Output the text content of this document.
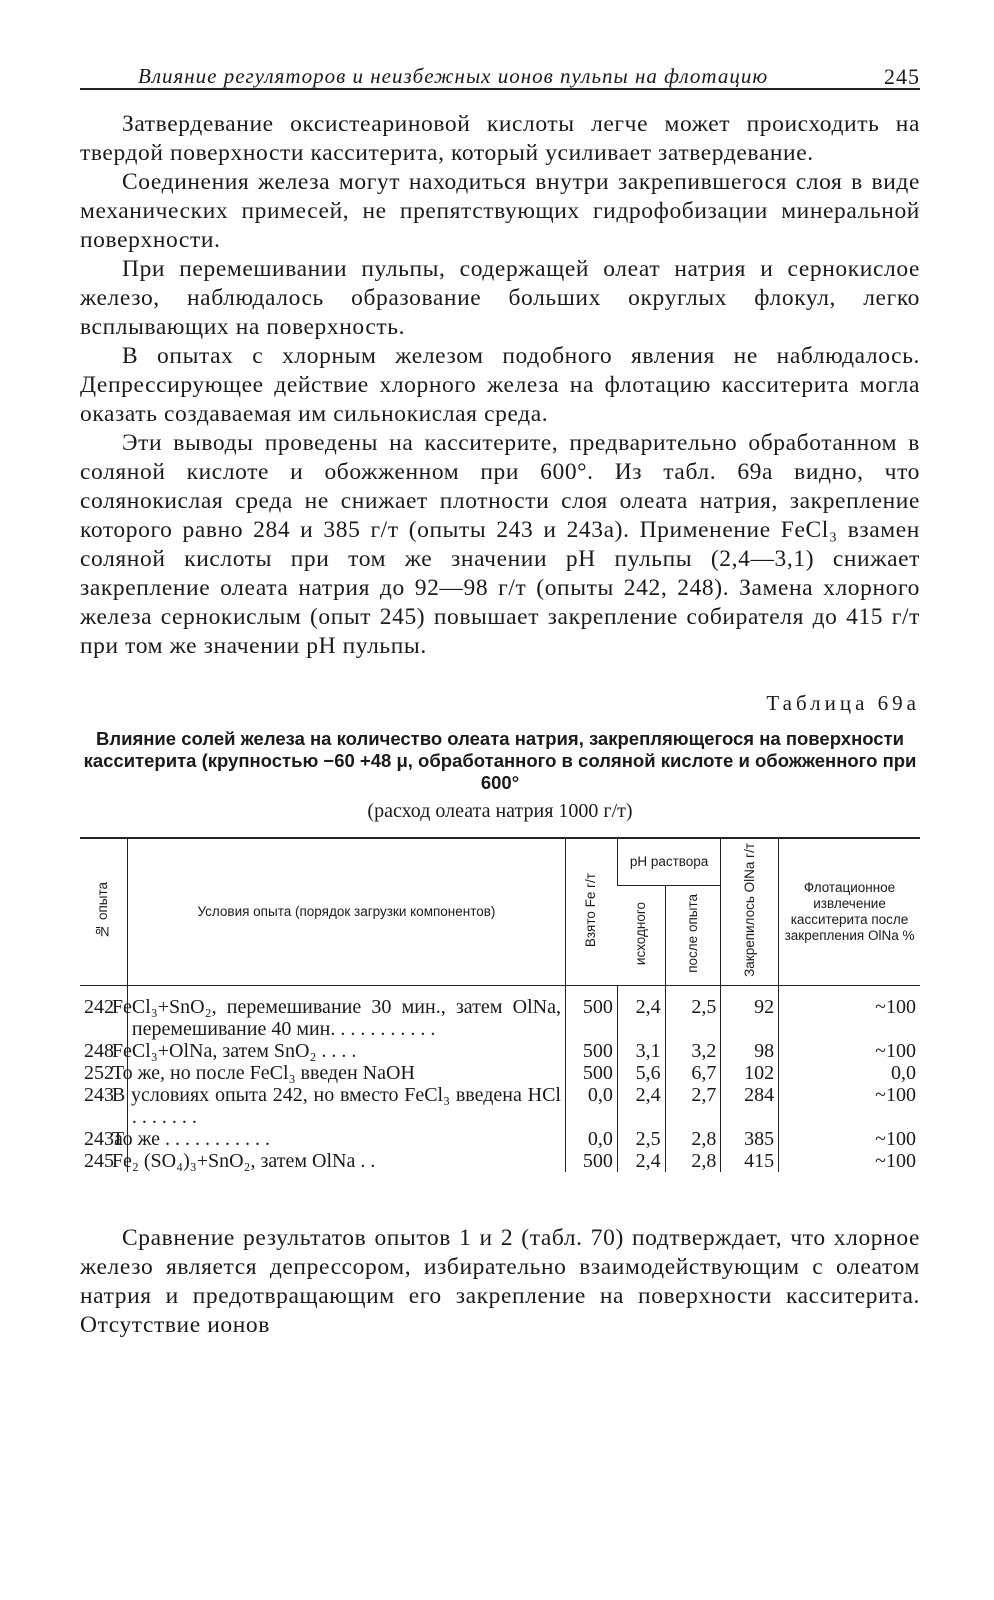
Влияние регуляторов и неизбежных ионов пульпы на флотацию	245

Затвердевание оксистеариновой кислоты легче может происходить на твердой поверхности касситерита, который усиливает затвердевание.

Соединения железа могут находиться внутри закрепившегося слоя в виде механических примесей, не препятствующих гидрофобизации минеральной поверхности.

При перемешивании пульпы, содержащей олеат натрия и сернокислое железо, наблюдалось образование больших округлых флокул, легко всплывающих на поверхность.

В опытах с хлорным железом подобного явления не наблюдалось. Депрессирующее действие хлорного железа на флотацию касситерита могла оказать создаваемая им сильнокислая среда.

Эти выводы проведены на касситерите, предварительно обработанном в соляной кислоте и обожженном при 600°. Из табл. 69а видно, что солянокислая среда не снижает плотности слоя олеата натрия, закрепление которого равно 284 и 385 г/т (опыты 243 и 243а). Применение FeCl₃ взамен соляной кислоты при том же значении рН пульпы (2,4—3,1) снижает закрепление олеата натрия до 92—98 г/т (опыты 242, 248). Замена хлорного железа сернокислым (опыт 245) повышает закрепление собирателя до 415 г/т при том же значении рН пульпы.

Таблица 69а
Влияние солей железа на количество олеата натрия, закрепляющегося на поверхности касситерита (крупностью −60 +48 μ, обработанного в соляной кислоте и обожженного при 600°
(расход олеата натрия 1000 г/т)
№ опыта	Условия опыта (порядок загрузки компонентов)	Взято Fe г/т	рН раствора		Закрепилось ОlNa г/т	Флотационное извлечение касситерита после закрепления ОlNa %
			исходного	после опыта		
242	FeCl₃+SnO₂, перемешивание 30 мин., затем ОlNa, перемешивание 40 мин. . . . . . . . . . .	500	2,4	2,5	92	~100
248	FeCl₃+ОlNa, затем SnO₂ . . . .	500	3,1	3,2	98	~100
252	То же, но после FeCl₃ введен NaOH	500	5,6	6,7	102	0,0
243	В условиях опыта 242, но вместо FeCl₃ введена HCl . . . . . . .	0,0	2,4	2,7	284	~100
243а	То же . . . . . . . . . . .	0,0	2,5	2,8	385	~100
245	Fe₂ (SO₄)₃+SnO₂, затем ОlNa . .	500	2,4	2,8	415	~100

Сравнение результатов опытов 1 и 2 (табл. 70) подтверждает, что хлорное железо является депрессором, избирательно взаимодействующим с олеатом натрия и предотвращающим его закрепление на поверхности касситерита. Отсутствие ионов
